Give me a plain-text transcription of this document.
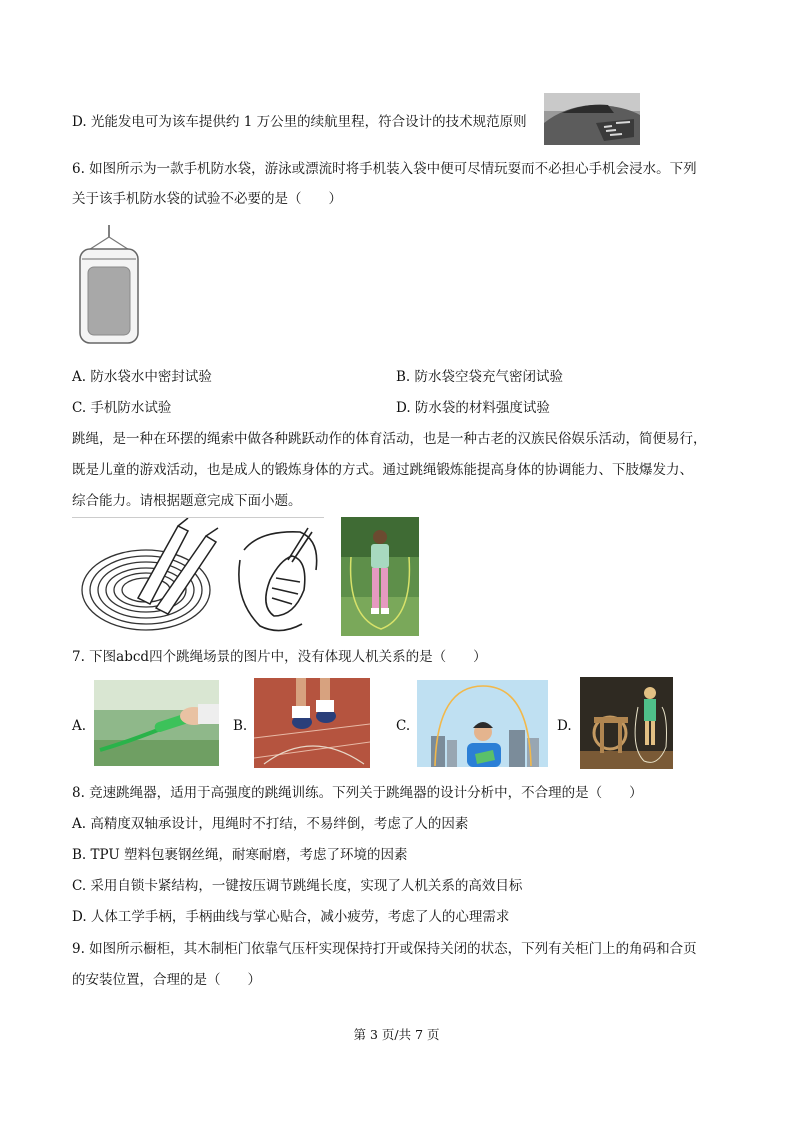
D. 光能发电可为该车提供约 1 万公里的续航里程，符合设计的技术规范原则
6. 如图所示为一款手机防水袋，游泳或漂流时将手机装入袋中便可尽情玩耍而不必担心手机会浸水。下列
关于该手机防水袋的试验不必要的是（　　）
A. 防水袋水中密封试验	B. 防水袋空袋充气密闭试验
C. 手机防水试验	D. 防水袋的材料强度试验
跳绳，是一种在环摆的绳索中做各种跳跃动作的体育活动，也是一种古老的汉族民俗娱乐活动，简便易行，
既是儿童的游戏活动，也是成人的锻炼身体的方式。通过跳绳锻炼能提高身体的协调能力、下肢爆发力、
综合能力。请根据题意完成下面小题。
7. 下图abcd四个跳绳场景的图片中，没有体现人机关系的是（　　）
A.	B.	C.	D.
8. 竞速跳绳器，适用于高强度的跳绳训练。下列关于跳绳器的设计分析中，不合理的是（　　）
A. 高精度双轴承设计，甩绳时不打结，不易绊倒，考虑了人的因素
B. TPU 塑料包裹钢丝绳，耐寒耐磨，考虑了环境的因素
C. 采用自锁卡紧结构，一键按压调节跳绳长度，实现了人机关系的高效目标
D. 人体工学手柄，手柄曲线与掌心贴合，减小疲劳，考虑了人的心理需求
9. 如图所示橱柜，其木制柜门依靠气压杆实现保持打开或保持关闭的状态，下列有关柜门上的角码和合页
的安装位置，合理的是（　　）
第 3 页/共 7 页
